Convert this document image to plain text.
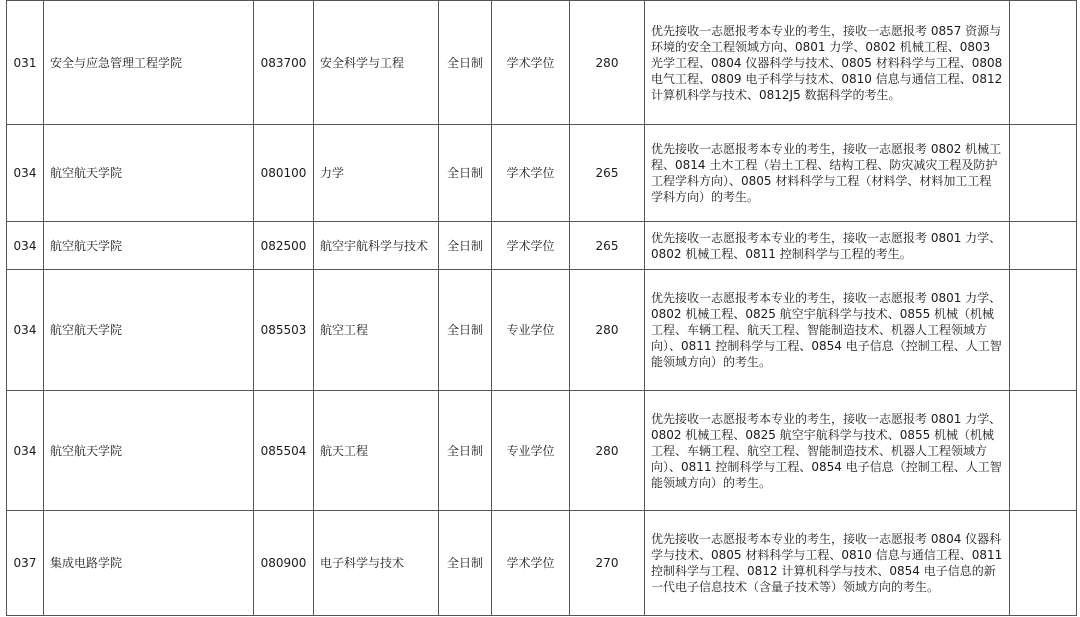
031	安全与应急管理工程学院	083700	安全科学与工程	全日制	学术学位	280	优先接收一志愿报考本专业的考生，接收一志愿报考 0857 资源与环境的安全工程领域方向、0801 力学、0802 机械工程、0803 光学工程、0804 仪器科学与技术、0805 材料科学与工程、0808 电气工程、0809 电子科学与技术、0810 信息与通信工程、0812 计算机科学与技术、0812J5 数据科学的考生。	
034	航空航天学院	080100	力学	全日制	学术学位	265	优先接收一志愿报考本专业的考生，接收一志愿报考 0802 机械工程、0814 土木工程（岩土工程、结构工程、防灾减灾工程及防护工程学科方向）、0805 材料科学与工程（材料学、材料加工工程学科方向）的考生。	
034	航空航天学院	082500	航空宇航科学与技术	全日制	学术学位	265	优先接收一志愿报考本专业的考生，接收一志愿报考 0801 力学、0802 机械工程、0811 控制科学与工程的考生。	
034	航空航天学院	085503	航空工程	全日制	专业学位	280	优先接收一志愿报考本专业的考生，接收一志愿报考 0801 力学、0802 机械工程、0825 航空宇航科学与技术、0855 机械（机械工程、车辆工程、航天工程、智能制造技术、机器人工程领域方向）、0811 控制科学与工程、0854 电子信息（控制工程、人工智能领域方向）的考生。	
034	航空航天学院	085504	航天工程	全日制	专业学位	280	优先接收一志愿报考本专业的考生，接收一志愿报考 0801 力学、0802 机械工程、0825 航空宇航科学与技术、0855 机械（机械工程、车辆工程、航空工程、智能制造技术、机器人工程领域方向）、0811 控制科学与工程、0854 电子信息（控制工程、人工智能领域方向）的考生。	
037	集成电路学院	080900	电子科学与技术	全日制	学术学位	270	优先接收一志愿报考本专业的考生，接收一志愿报考 0804 仪器科学与技术、0805 材料科学与工程、0810 信息与通信工程、0811 控制科学与工程、0812 计算机科学与技术、0854 电子信息的新一代电子信息技术（含量子技术等）领域方向的考生。	
